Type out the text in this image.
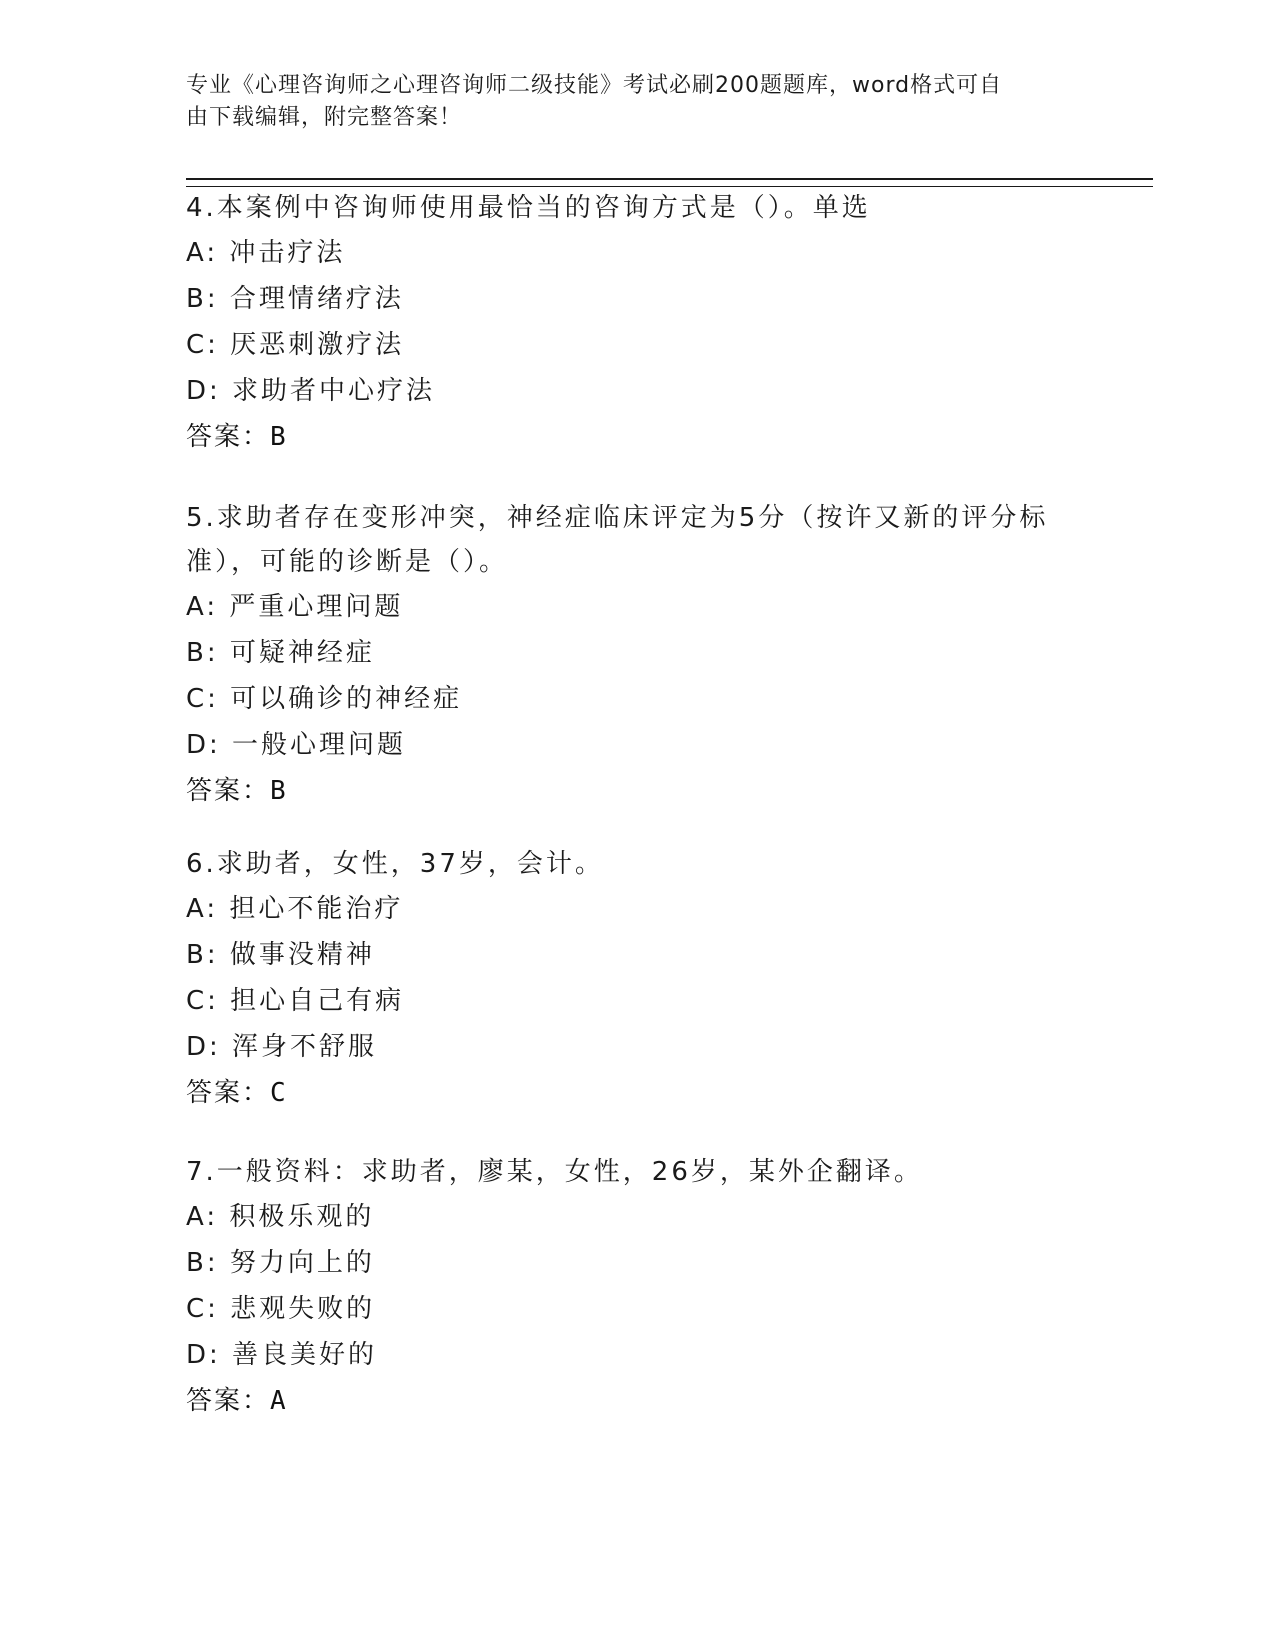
专业《心理咨询师之心理咨询师二级技能》考试必刷200题题库，word格式可自
由下载编辑，附完整答案！

4.本案例中咨询师使用最恰当的咨询方式是（）。单选

A: 冲击疗法

B: 合理情绪疗法

C: 厌恶刺激疗法

D: 求助者中心疗法

答案：B

5.求助者存在变形冲突，神经症临床评定为5分（按许又新的评分标

准），可能的诊断是（）。

A: 严重心理问题

B: 可疑神经症

C: 可以确诊的神经症

D: 一般心理问题

答案：B

6.求助者，女性，37岁，会计。

A: 担心不能治疗

B: 做事没精神

C: 担心自己有病

D: 浑身不舒服

答案：C

7.一般资料：求助者，廖某，女性，26岁，某外企翻译。

A: 积极乐观的

B: 努力向上的

C: 悲观失败的

D: 善良美好的

答案：A
